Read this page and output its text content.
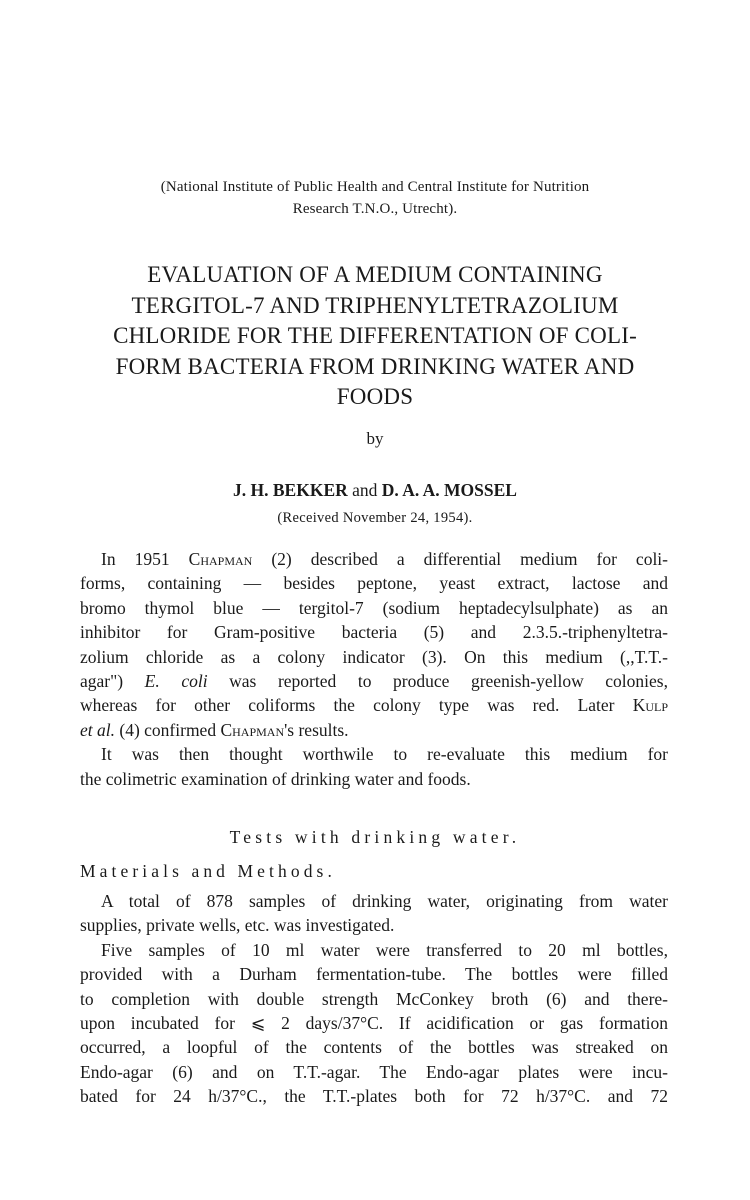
(National Institute of Public Health and Central Institute for Nutrition
Research T.N.O., Utrecht).
EVALUATION OF A MEDIUM CONTAINING
TERGITOL-7 AND TRIPHENYLTETRAZOLIUM
CHLORIDE FOR THE DIFFERENTATION OF COLI-
FORM BACTERIA FROM DRINKING WATER AND
FOODS
by
J. H. BEKKER and D. A. A. MOSSEL
(Received November 24, 1954).
In 1951 Chapman (2) described a differential medium for coli-
forms, containing — besides peptone, yeast extract, lactose and
bromo thymol blue — tergitol-7 (sodium heptadecylsulphate) as an
inhibitor for Gram-positive bacteria (5) and 2.3.5.-triphenyltetra-
zolium chloride as a colony indicator (3). On this medium (,,T.T.-
agar") E. coli was reported to produce greenish-yellow colonies,
whereas for other coliforms the colony type was red. Later Kulp
et al. (4) confirmed Chapman's results.
It was then thought worthwile to re-evaluate this medium for
the colimetric examination of drinking water and foods.
Tests with drinking water.
Materials and Methods.
A total of 878 samples of drinking water, originating from water
supplies, private wells, etc. was investigated.
Five samples of 10 ml water were transferred to 20 ml bottles,
provided with a Durham fermentation-tube. The bottles were filled
to completion with double strength McConkey broth (6) and there-
upon incubated for ⩽ 2 days/37°C. If acidification or gas formation
occurred, a loopful of the contents of the bottles was streaked on
Endo-agar (6) and on T.T.-agar. The Endo-agar plates were incu-
bated for 24 h/37°C., the T.T.-plates both for 72 h/37°C. and 72
